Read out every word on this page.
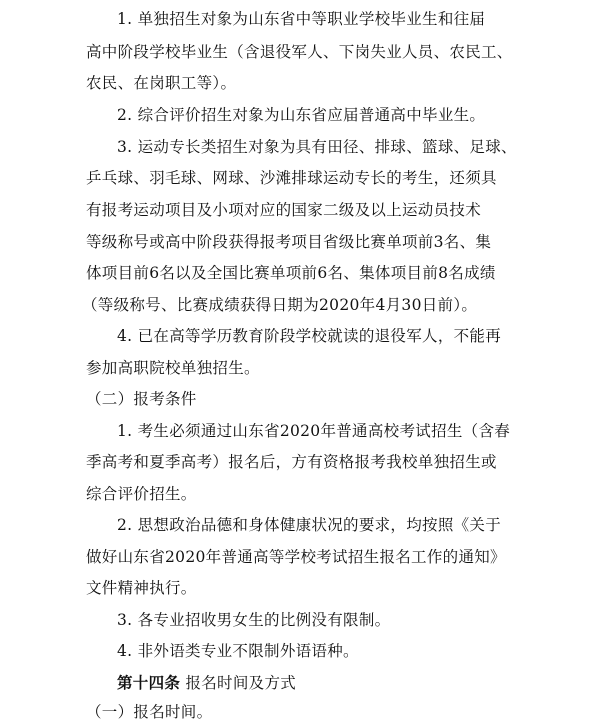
1. 单独招生对象为山东省中等职业学校毕业生和往届
高中阶段学校毕业生（含退役军人、下岗失业人员、农民工、
农民、在岗职工等）。
2. 综合评价招生对象为山东省应届普通高中毕业生。
3. 运动专长类招生对象为具有田径、排球、篮球、足球、
乒乓球、羽毛球、网球、沙滩排球运动专长的考生，还须具
有报考运动项目及小项对应的国家二级及以上运动员技术
等级称号或高中阶段获得报考项目省级比赛单项前3名、集
体项目前6名以及全国比赛单项前6名、集体项目前8名成绩
（等级称号、比赛成绩获得日期为2020年4月30日前）。
4. 已在高等学历教育阶段学校就读的退役军人，不能再
参加高职院校单独招生。
（二）报考条件
1. 考生必须通过山东省2020年普通高校考试招生（含春
季高考和夏季高考）报名后，方有资格报考我校单独招生或
综合评价招生。
2. 思想政治品德和身体健康状况的要求，均按照《关于
做好山东省2020年普通高等学校考试招生报名工作的通知》
文件精神执行。
3. 各专业招收男女生的比例没有限制。
4. 非外语类专业不限制外语语种。
第十四条 报名时间及方式
（一）报名时间。
